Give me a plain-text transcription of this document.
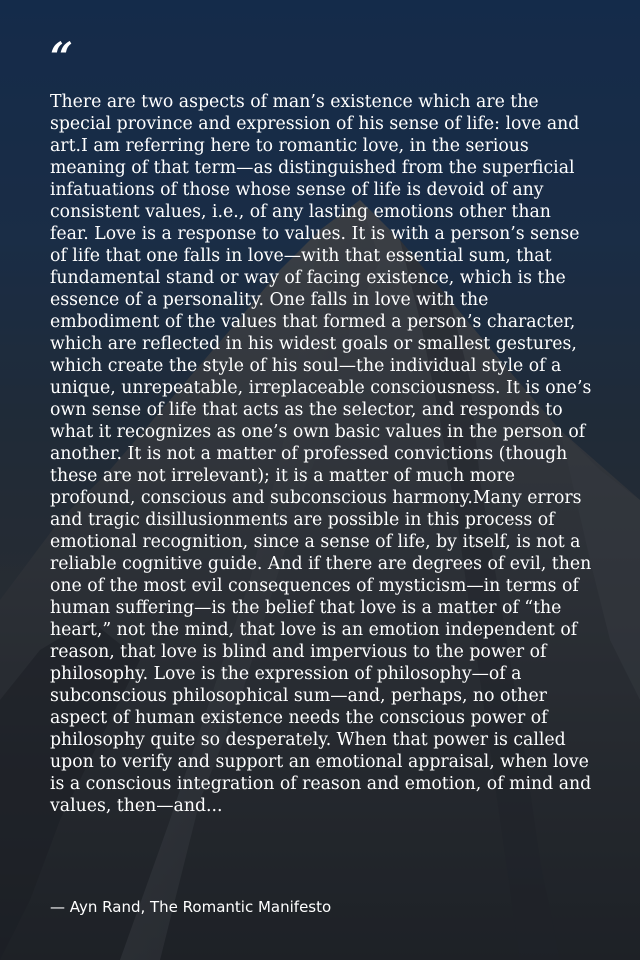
“

There are two aspects of man’s existence which are the special province and expression of his sense of life: love and art.I am referring here to romantic love, in the serious meaning of that term—as distinguished from the superficial infatuations of those whose sense of life is devoid of any consistent values, i.e., of any lasting emotions other than fear. Love is a response to values. It is with a person’s sense of life that one falls in love—with that essential sum, that fundamental stand or way of facing existence, which is the essence of a personality. One falls in love with the embodiment of the values that formed a person’s character, which are reflected in his widest goals or smallest gestures, which create the style of his soul—the individual style of a unique, unrepeatable, irreplaceable consciousness. It is one’s own sense of life that acts as the selector, and responds to what it recognizes as one’s own basic values in the person of another. It is not a matter of professed convictions (though these are not irrelevant); it is a matter of much more profound, conscious and subconscious harmony.Many errors and tragic disillusionments are possible in this process of emotional recognition, since a sense of life, by itself, is not a reliable cognitive guide. And if there are degrees of evil, then one of the most evil consequences of mysticism—in terms of human suffering—is the belief that love is a matter of “the heart,” not the mind, that love is an emotion independent of reason, that love is blind and impervious to the power of philosophy. Love is the expression of philosophy—of a subconscious philosophical sum—and, perhaps, no other aspect of human existence needs the conscious power of philosophy quite so desperately. When that power is called upon to verify and support an emotional appraisal, when love is a conscious integration of reason and emotion, of mind and values, then—and...

— Ayn Rand, The Romantic Manifesto
